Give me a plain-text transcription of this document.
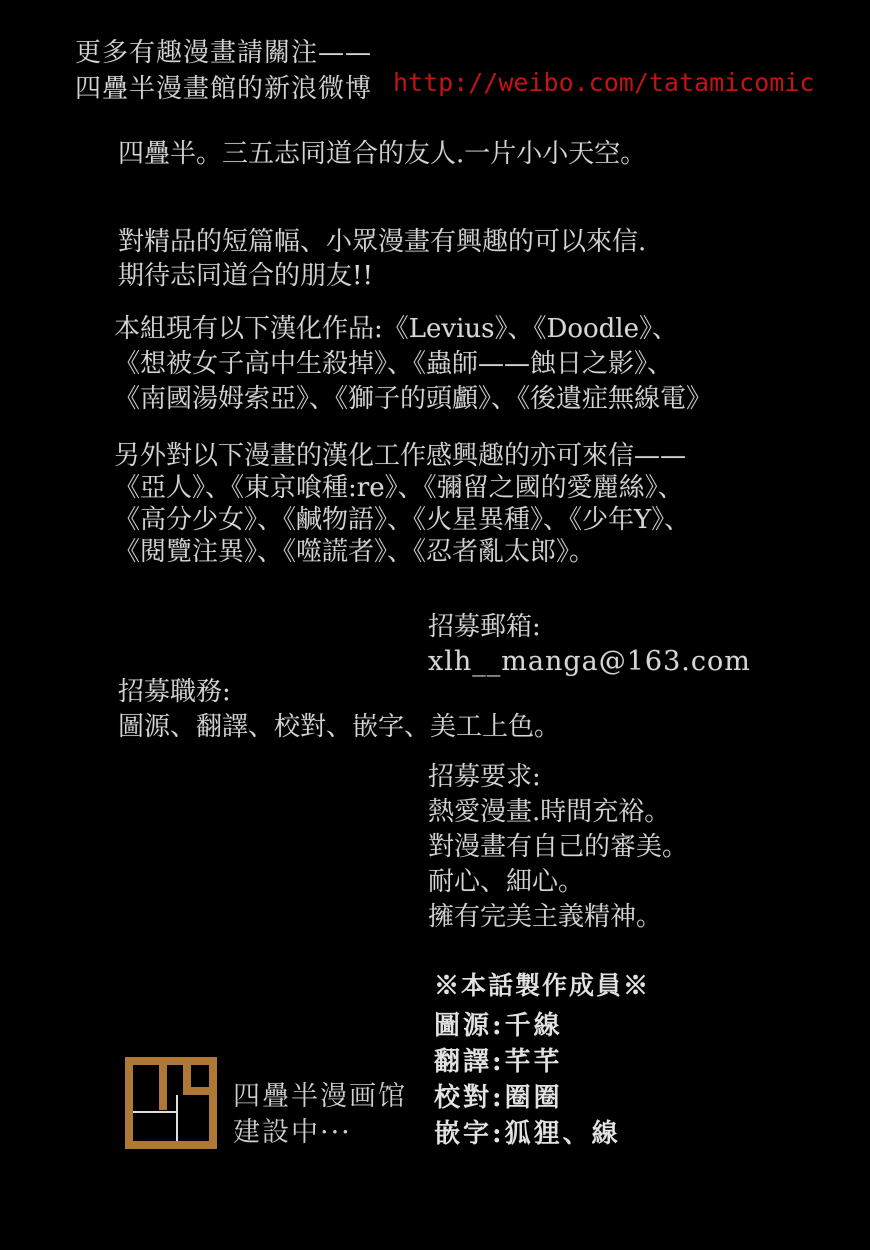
更多有趣漫畫請關注——
四疊半漫畫館的新浪微博 http://weibo.com/tatamicomic
四疊半。三五志同道合的友人.一片小小天空。
對精品的短篇幅、小眾漫畫有興趣的可以來信.
期待志同道合的朋友!!
本組現有以下漢化作品:《Levius》、《Doodle》、
《想被女子高中生殺掉》、《蟲師——蝕日之影》、
《南國湯姆索亞》、《獅子的頭顱》、《後遺症無線電》
另外對以下漫畫的漢化工作感興趣的亦可來信——
《亞人》、《東京喰種:re》、《彌留之國的愛麗絲》、
《高分少女》、《鹹物語》、《火星異種》、《少年Y》、
《閱覽注異》、《噬謊者》、《忍者亂太郎》。
招募郵箱:
xlh__manga@163.com
招募職務:
圖源、翻譯、校對、嵌字、美工上色。
招募要求:
熱愛漫畫.時間充裕。
對漫畫有自己的審美。
耐心、細心。
擁有完美主義精神。
※本話製作成員※
圖源:千線
翻譯:芊芊
校對:圈圈
嵌字:狐狸、線
四疊半漫画馆
建設中···
